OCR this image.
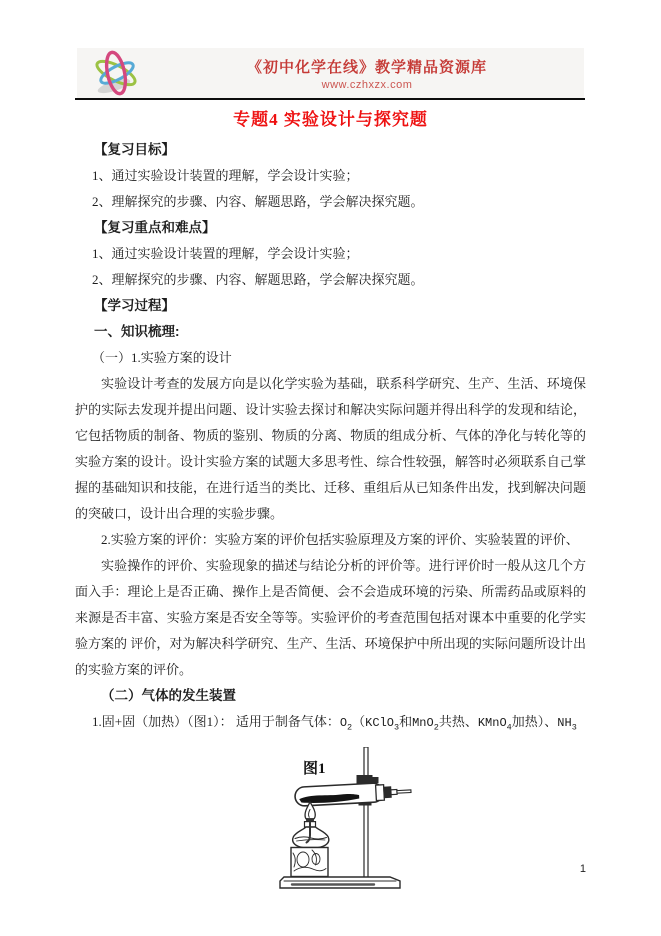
《初中化学在线》教学精品资源库
www.czhxzx.com
专题4 实验设计与探究题

【复习目标】

1、通过实验设计装置的理解，学会设计实验；

2、理解探究的步骤、内容、解题思路，学会解决探究题。

【复习重点和难点】

1、通过实验设计装置的理解，学会设计实验；

2、理解探究的步骤、内容、解题思路，学会解决探究题。

【学习过程】

一、知识梳理:

（一）1.实验方案的设计

实验设计考查的发展方向是以化学实验为基础，联系科学研究、生产、生活、环境保护的实际去发现并提出问题、设计实验去探讨和解决实际问题并得出科学的发现和结论，它包括物质的制备、物质的鉴别、物质的分离、物质的组成分析、气体的净化与转化等的实验方案的设计。设计实验方案的试题大多思考性、综合性较强，解答时必须联系自己掌握的基础知识和技能，在进行适当的类比、迁移、重组后从已知条件出发，找到解决问题的突破口，设计出合理的实验步骤。

2.实验方案的评价：实验方案的评价包括实验原理及方案的评价、实验装置的评价、

实验操作的评价、实验现象的描述与结论分析的评价等。进行评价时一般从这几个方面入手：理论上是否正确、操作上是否简便、会不会造成环境的污染、所需药品或原料的来源是否丰富、实验方案是否安全等等。实验评价的考查范围包括对课本中重要的化学实验方案的 评价，对为解决科学研究、生产、生活、环境保护中所出现的实际问题所设计出的实验方案的评价。

（二）气体的发生装置

1.固+固（加热）（图1）： 适用于制备气体：$O_2(KClO_3$和MnO$_2$共热、KMnO$_4$加热）、$NH_3$

图1
1
